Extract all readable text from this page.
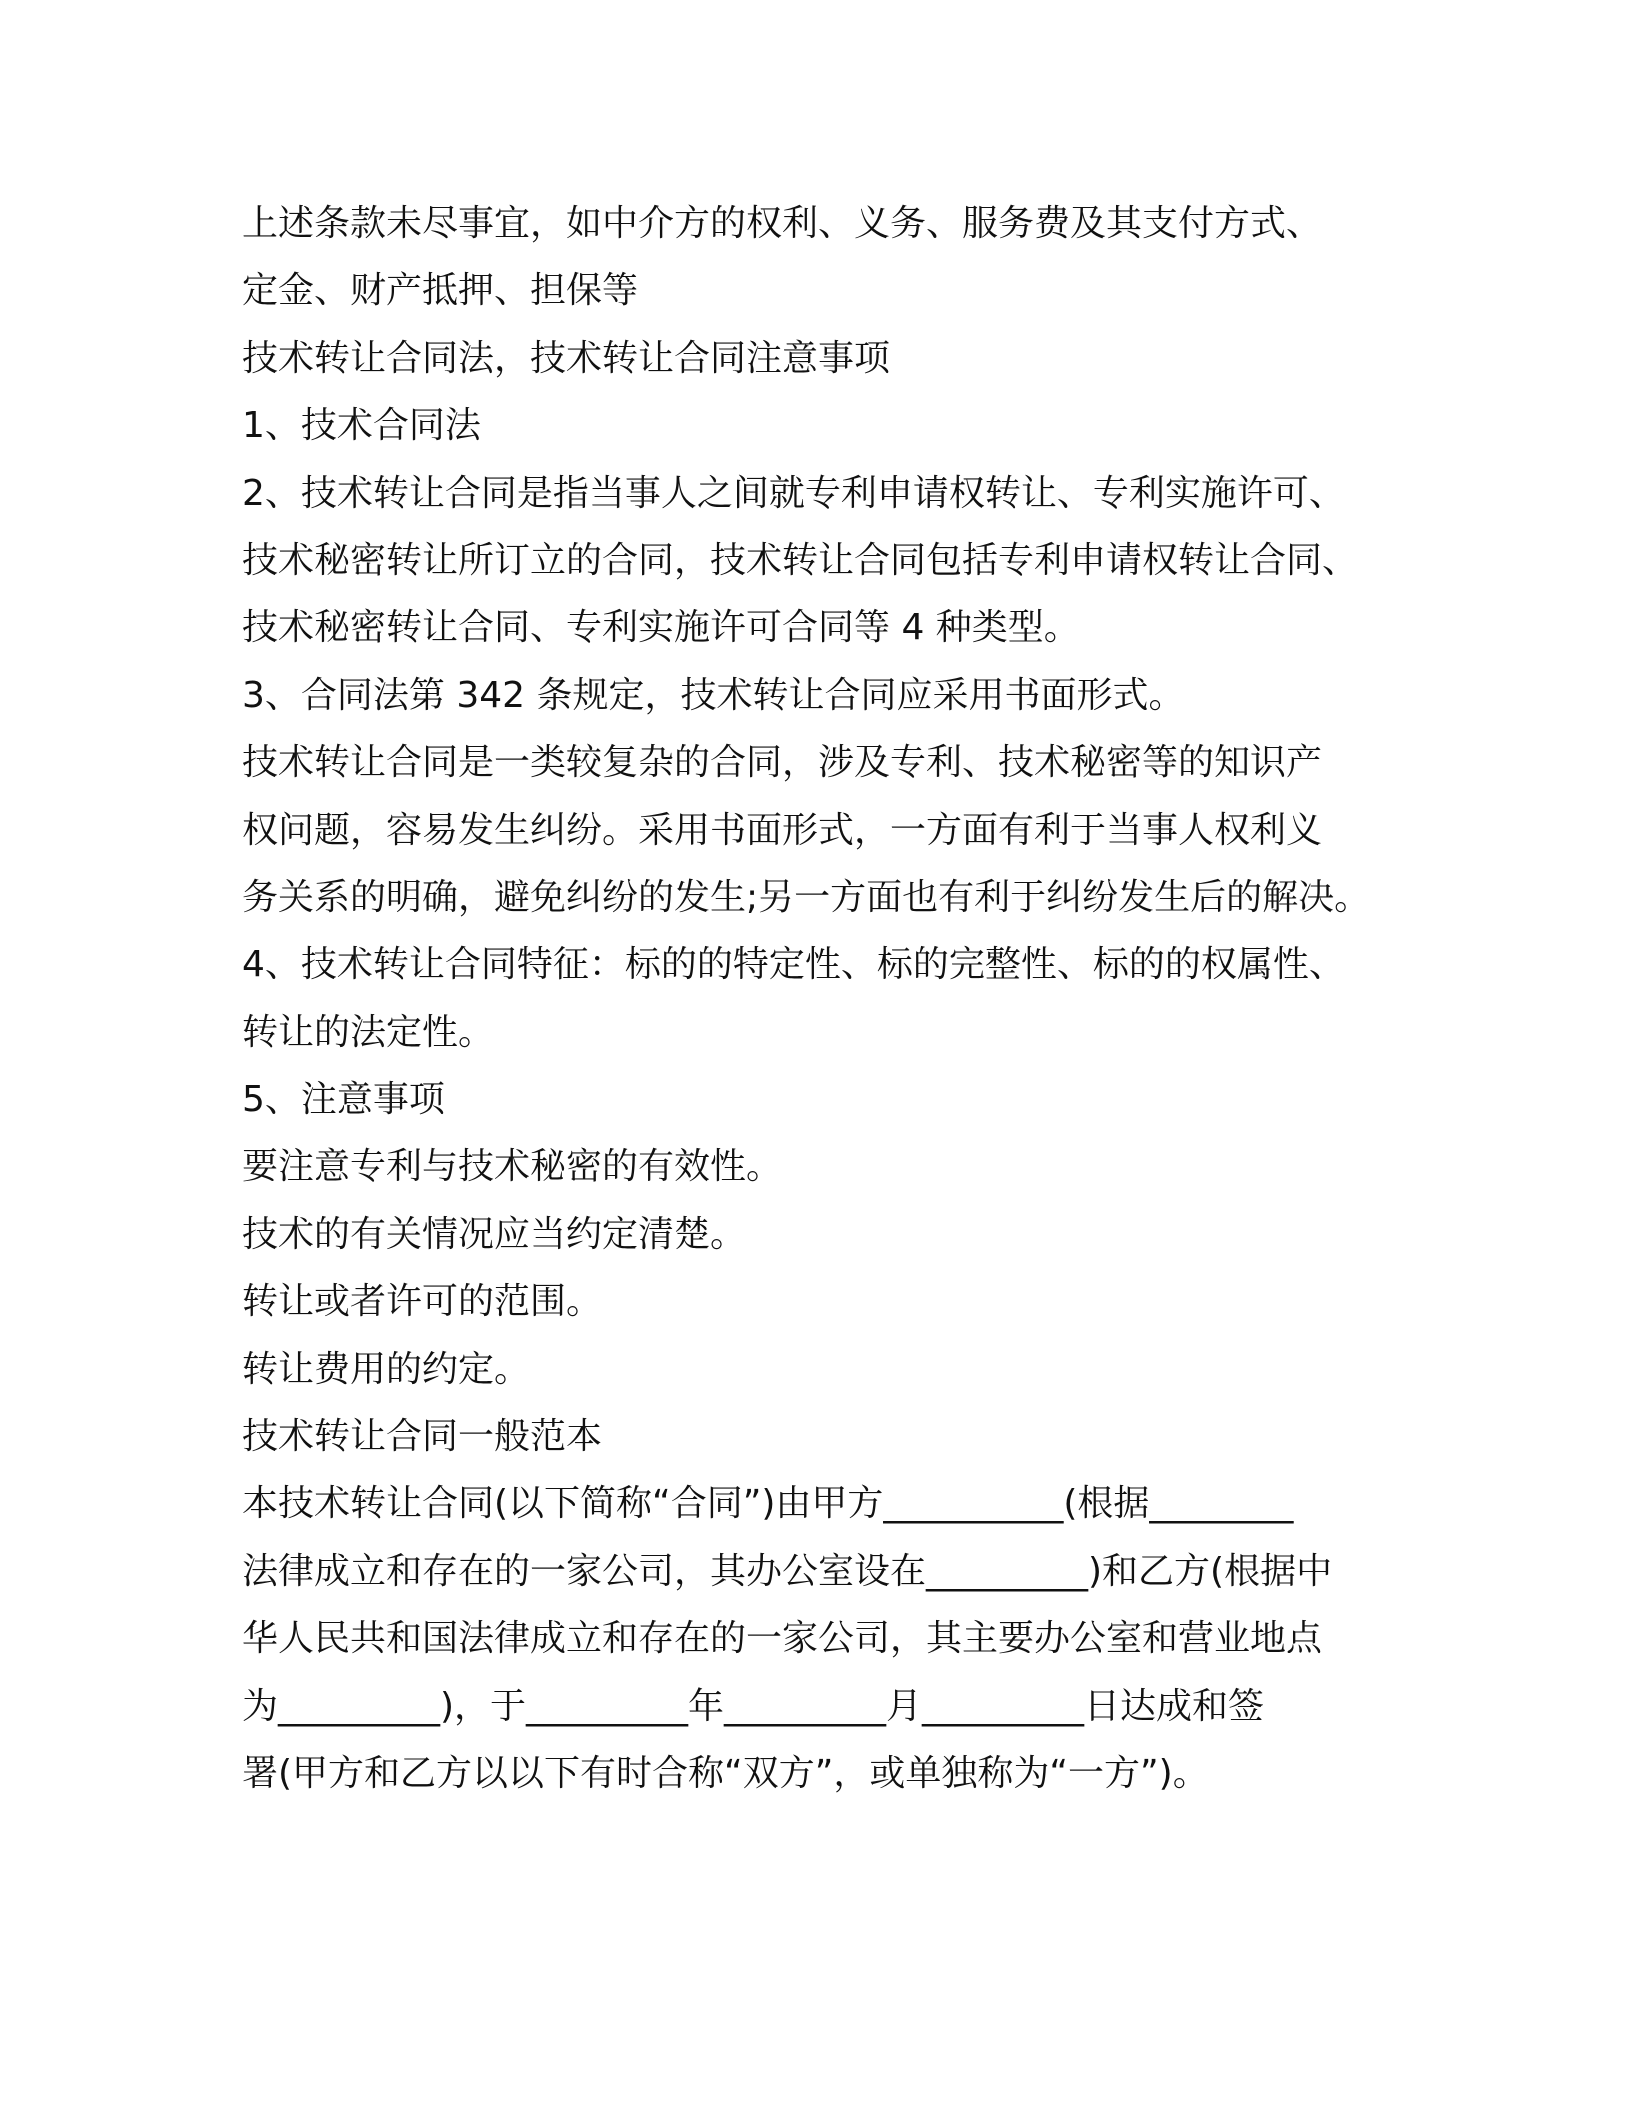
上述条款未尽事宜，如中介方的权利、义务、服务费及其支付方式、
定金、财产抵押、担保等
技术转让合同法，技术转让合同注意事项
1、技术合同法
2、技术转让合同是指当事人之间就专利申请权转让、专利实施许可、
技术秘密转让所订立的合同，技术转让合同包括专利申请权转让合同、
技术秘密转让合同、专利实施许可合同等 4 种类型。
3、合同法第 342 条规定，技术转让合同应采用书面形式。
技术转让合同是一类较复杂的合同，涉及专利、技术秘密等的知识产
权问题，容易发生纠纷。采用书面形式，一方面有利于当事人权利义
务关系的明确，避免纠纷的发生;另一方面也有利于纠纷发生后的解决。
4、技术转让合同特征：标的的特定性、标的完整性、标的的权属性、
转让的法定性。
5、注意事项
要注意专利与技术秘密的有效性。
技术的有关情况应当约定清楚。
转让或者许可的范围。
转让费用的约定。
技术转让合同一般范本
本技术转让合同(以下简称“合同”)由甲方__________(根据________
法律成立和存在的一家公司，其办公室设在_________)和乙方(根据中
华人民共和国法律成立和存在的一家公司，其主要办公室和营业地点
为_________)，于_________年_________月_________日达成和签
署(甲方和乙方以以下有时合称“双方”，或单独称为“一方”)。
